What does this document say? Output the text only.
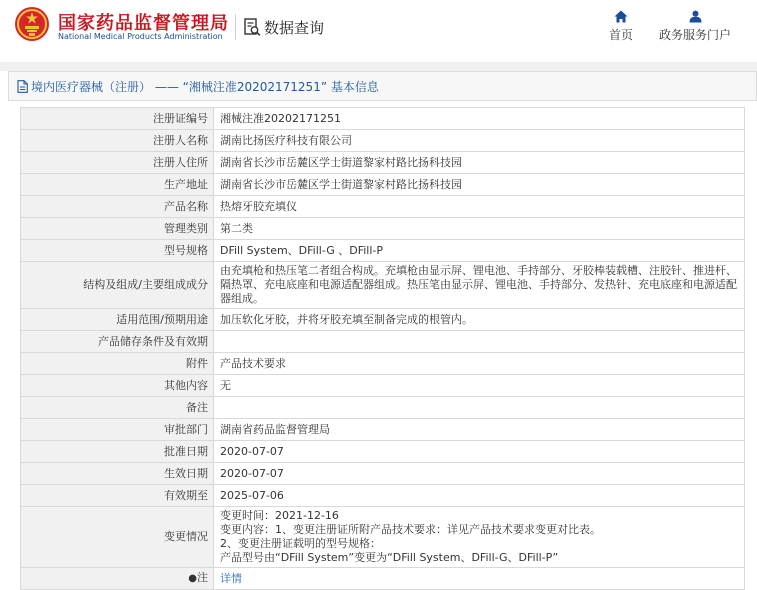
国家药品监督管理局
National Medical Products Administration	数据查询	首页 政务服务门户
境内医疗器械（注册） —— “湘械注准20202171251” 基本信息
注册证编号	湘械注准20202171251
注册人名称	湖南比扬医疗科技有限公司
注册人住所	湖南省长沙市岳麓区学士街道黎家村路比扬科技园
生产地址	湖南省长沙市岳麓区学士街道黎家村路比扬科技园
产品名称	热熔牙胶充填仪
管理类别	第二类
型号规格	DFill System、DFill-G 、DFill-P
结构及组成/主要组成成分	由充填枪和热压笔二者组合构成。充填枪由显示屏、锂电池、手持部分、牙胶棒装载槽、注胶针、推进杆、隔热罩、充电底座和电源适配器组成。热压笔由显示屏、锂电池、手持部分、发热针、充电底座和电源适配器组成。
适用范围/预期用途	加压软化牙胶，并将牙胶充填至制备完成的根管内。
产品储存条件及有效期	
附件	产品技术要求
其他内容	无
备注	
审批部门	湖南省药品监督管理局
批准日期	2020-07-07
生效日期	2020-07-07
有效期至	2025-07-06
变更情况	变更时间：2021-12-16
变更内容：1、变更注册证所附产品技术要求：详见产品技术要求变更对比表。
2、变更注册证载明的型号规格：
产品型号由“DFill System”变更为“DFill System、DFill-G、DFill-P”

●注	详情
